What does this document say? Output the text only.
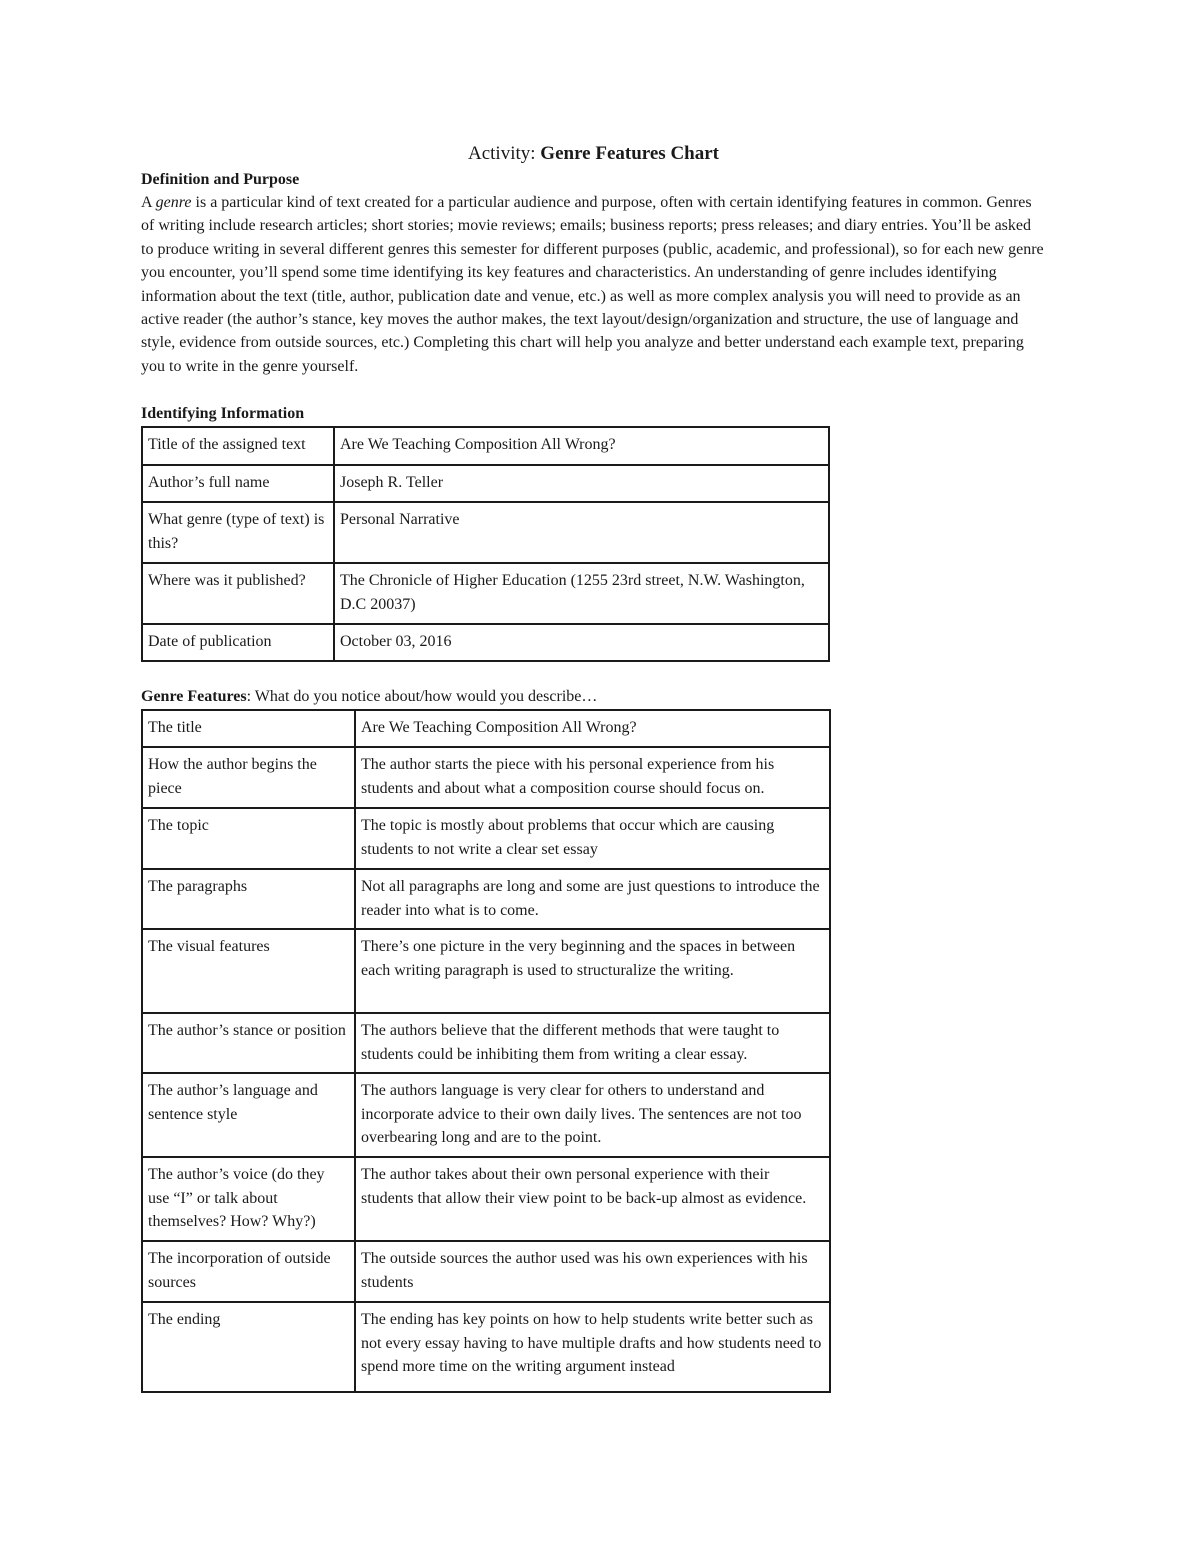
Activity: Genre Features Chart
Definition and Purpose

A genre is a particular kind of text created for a particular audience and purpose, often with certain identifying features in common. Genres of writing include research articles; short stories; movie reviews; emails; business reports; press releases; and diary entries. You’ll be asked to produce writing in several different genres this semester for different purposes (public, academic, and professional), so for each new genre you encounter, you’ll spend some time identifying its key features and characteristics. An understanding of genre includes identifying information about the text (title, author, publication date and venue, etc.) as well as more complex analysis you will need to provide as an active reader (the author’s stance, key moves the author makes, the text layout/design/organization and structure, the use of language and style, evidence from outside sources, etc.) Completing this chart will help you analyze and better understand each example text, preparing you to write in the genre yourself.

Identifying Information
Title of the assigned text	Are We Teaching Composition All Wrong?
Author’s full name	Joseph R. Teller
What genre (type of text) is this?	Personal Narrative
Where was it published?	The Chronicle of Higher Education (1255 23rd street, N.W. Washington, D.C 20037)
Date of publication	October 03, 2016

Genre Features: What do you notice about/how would you describe…

The title	Are We Teaching Composition All Wrong?
How the author begins the piece	The author starts the piece with his personal experience from his students and about what a composition course should focus on.
The topic	The topic is mostly about problems that occur which are causing students to not write a clear set essay
The paragraphs	Not all paragraphs are long and some are just questions to introduce the reader into what is to come.
The visual features	There’s one picture in the very beginning and the spaces in between each writing paragraph is used to structuralize the writing.
The author’s stance or position	The authors believe that the different methods that were taught to students could be inhibiting them from writing a clear essay.
The author’s language and sentence style	The authors language is very clear for others to understand and incorporate advice to their own daily lives. The sentences are not too overbearing long and are to the point.
The author’s voice (do they use “I” or talk about themselves? How? Why?)	The author takes about their own personal experience with their students that allow their view point to be back-up almost as evidence.
The incorporation of outside sources	The outside sources the author used was his own experiences with his students
The ending	The ending has key points on how to help students write better such as not every essay having to have multiple drafts and how students need to spend more time on the writing argument instead
